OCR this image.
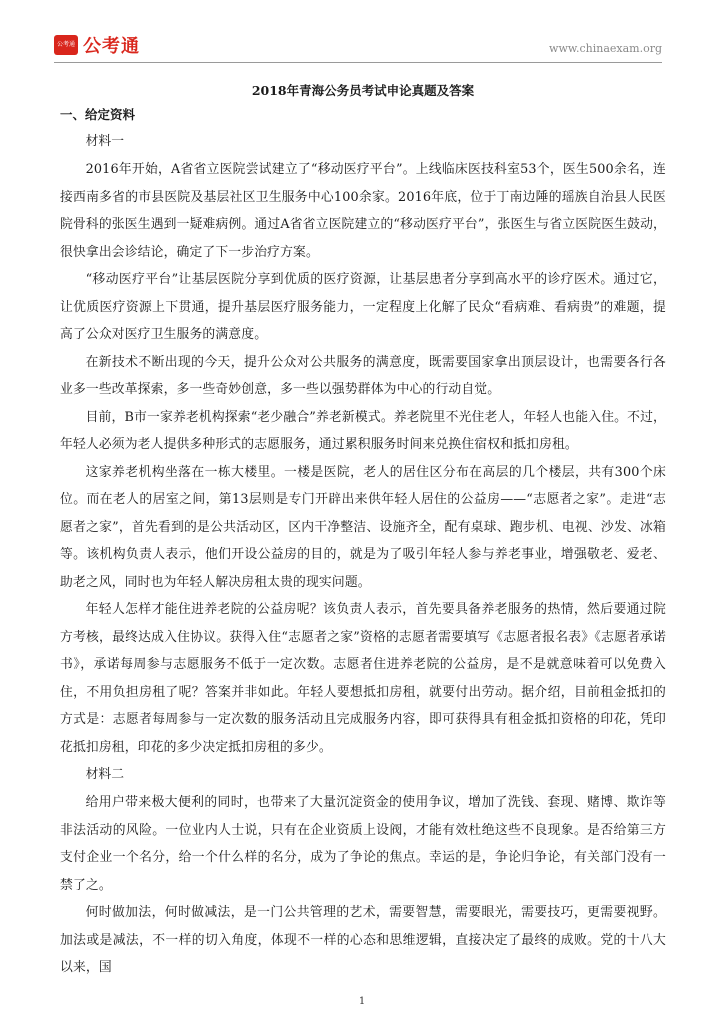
公考通 公考通	www.chinaexam.org
2018年青海公务员考试申论真题及答案
一、给定资料
材料一

2016年开始，A省省立医院尝试建立了“移动医疗平台”。上线临床医技科室53个，医生500余名，连接西南多省的市县医院及基层社区卫生服务中心100余家。2016年底，位于丁南边陲的瑶族自治县人民医院骨科的张医生遇到一疑难病例。通过A省省立医院建立的“移动医疗平台”，张医生与省立医院医生鼓动，很快拿出会诊结论，确定了下一步治疗方案。

“移动医疗平台”让基层医院分享到优质的医疗资源，让基层患者分享到高水平的诊疗医术。通过它，让优质医疗资源上下贯通，提升基层医疗服务能力，一定程度上化解了民众“看病难、看病贵”的难题，提高了公众对医疗卫生服务的满意度。

在新技术不断出现的今天，提升公众对公共服务的满意度，既需要国家拿出顶层设计，也需要各行各业多一些改革探索，多一些奇妙创意，多一些以强势群体为中心的行动自觉。

目前，B市一家养老机构探索“老少融合”养老新模式。养老院里不光住老人，年轻人也能入住。不过，年轻人必须为老人提供多种形式的志愿服务，通过累积服务时间来兑换住宿权和抵扣房租。

这家养老机构坐落在一栋大楼里。一楼是医院，老人的居住区分布在高层的几个楼层，共有300个床位。而在老人的居室之间，第13层则是专门开辟出来供年轻人居住的公益房——“志愿者之家”。走进“志愿者之家”，首先看到的是公共活动区，区内干净整洁、设施齐全，配有桌球、跑步机、电视、沙发、冰箱等。该机构负责人表示，他们开设公益房的目的，就是为了吸引年轻人参与养老事业，增强敬老、爱老、助老之风，同时也为年轻人解决房租太贵的现实问题。

年轻人怎样才能住进养老院的公益房呢？该负责人表示，首先要具备养老服务的热情，然后要通过院方考核，最终达成入住协议。获得入住“志愿者之家”资格的志愿者需要填写《志愿者报名表》《志愿者承诺书》，承诺每周参与志愿服务不低于一定次数。志愿者住进养老院的公益房，是不是就意味着可以免费入住，不用负担房租了呢？答案并非如此。年轻人要想抵扣房租，就要付出劳动。据介绍，目前租金抵扣的方式是：志愿者每周参与一定次数的服务活动且完成服务内容，即可获得具有租金抵扣资格的印花，凭印花抵扣房租，印花的多少决定抵扣房租的多少。

材料二

给用户带来极大便利的同时，也带来了大量沉淀资金的使用争议，增加了洗钱、套现、赌博、欺诈等非法活动的风险。一位业内人士说，只有在企业资质上设阀，才能有效杜绝这些不良现象。是否给第三方支付企业一个名分，给一个什么样的名分，成为了争论的焦点。幸运的是，争论归争论，有关部门没有一禁了之。

何时做加法，何时做减法，是一门公共管理的艺术，需要智慧，需要眼光，需要技巧，更需要视野。加法或是减法，不一样的切入角度，体现不一样的心态和思维逻辑，直接决定了最终的成败。党的十八大以来，国

1
